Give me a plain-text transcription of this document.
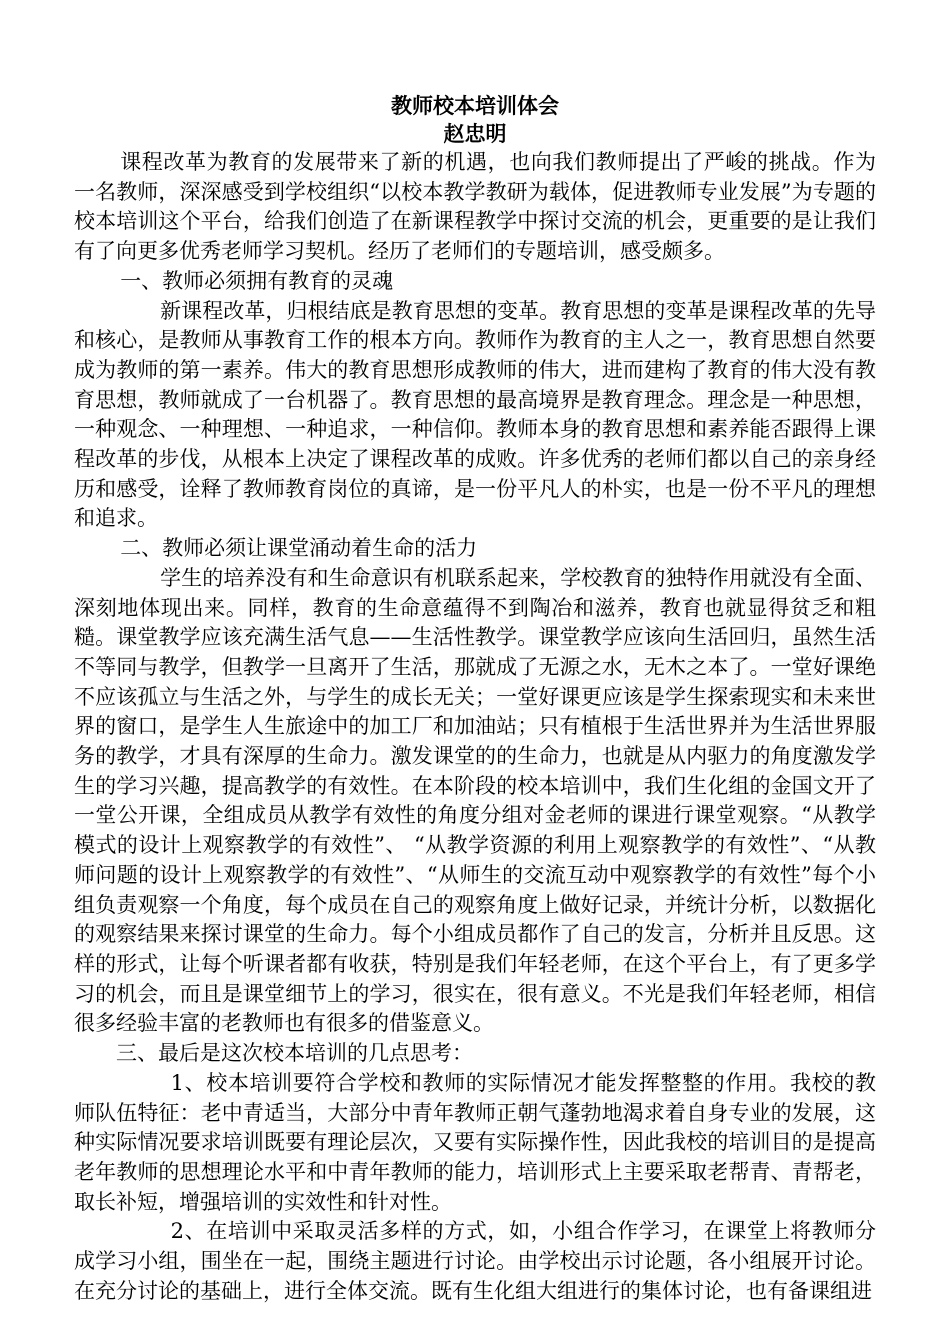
教师校本培训体会
赵忠明

课程改革为教育的发展带来了新的机遇，也向我们教师提出了严峻的挑战。作为一名教师，深深感受到学校组织“以校本教学教研为载体，促进教师专业发展”为专题的校本培训这个平台，给我们创造了在新课程教学中探讨交流的机会，更重要的是让我们有了向更多优秀老师学习契机。经历了老师们的专题培训，感受颇多。

一、教师必须拥有教育的灵魂

新课程改革，归根结底是教育思想的变革。教育思想的变革是课程改革的先导和核心，是教师从事教育工作的根本方向。教师作为教育的主人之一，教育思想自然要成为教师的第一素养。伟大的教育思想形成教师的伟大，进而建构了教育的伟大没有教育思想，教师就成了一台机器了。教育思想的最高境界是教育理念。理念是一种思想，一种观念、一种理想、一种追求，一种信仰。教师本身的教育思想和素养能否跟得上课程改革的步伐，从根本上决定了课程改革的成败。许多优秀的老师们都以自己的亲身经历和感受，诠释了教师教育岗位的真谛，是一份平凡人的朴实，也是一份不平凡的理想和追求。

二、教师必须让课堂涌动着生命的活力

学生的培养没有和生命意识有机联系起来，学校教育的独特作用就没有全面、深刻地体现出来。同样，教育的生命意蕴得不到陶冶和滋养，教育也就显得贫乏和粗糙。课堂教学应该充满生活气息——生活性教学。课堂教学应该向生活回归，虽然生活不等同与教学，但教学一旦离开了生活，那就成了无源之水，无木之本了。一堂好课绝不应该孤立与生活之外，与学生的成长无关；一堂好课更应该是学生探索现实和未来世界的窗口，是学生人生旅途中的加工厂和加油站；只有植根于生活世界并为生活世界服务的教学，才具有深厚的生命力。激发课堂的的生命力，也就是从内驱力的角度激发学生的学习兴趣，提高教学的有效性。在本阶段的校本培训中，我们生化组的金国文开了一堂公开课，全组成员从教学有效性的角度分组对金老师的课进行课堂观察。“从教学模式的设计上观察教学的有效性”、 “从教学资源的利用上观察教学的有效性”、“从教师问题的设计上观察教学的有效性”、“从师生的交流互动中观察教学的有效性”每个小组负责观察一个角度，每个成员在自己的观察角度上做好记录，并统计分析，以数据化的观察结果来探讨课堂的生命力。每个小组成员都作了自己的发言，分析并且反思。这样的形式，让每个听课者都有收获，特别是我们年轻老师，在这个平台上，有了更多学习的机会，而且是课堂细节上的学习，很实在，很有意义。不光是我们年轻老师，相信很多经验丰富的老教师也有很多的借鉴意义。

三、最后是这次校本培训的几点思考：

1、校本培训要符合学校和教师的实际情况才能发挥整整的作用。我校的教师队伍特征：老中青适当，大部分中青年教师正朝气蓬勃地渴求着自身专业的发展，这种实际情况要求培训既要有理论层次，又要有实际操作性，因此我校的培训目的是提高老年教师的思想理论水平和中青年教师的能力，培训形式上主要采取老帮青、青帮老，取长补短，增强培训的实效性和针对性。

2、在培训中采取灵活多样的方式，如，小组合作学习，在课堂上将教师分成学习小组，围坐在一起，围绕主题进行讨论。由学校出示讨论题，各小组展开讨论。在充分讨论的基础上，进行全体交流。既有生化组大组进行的集体讨论，也有备课组进
